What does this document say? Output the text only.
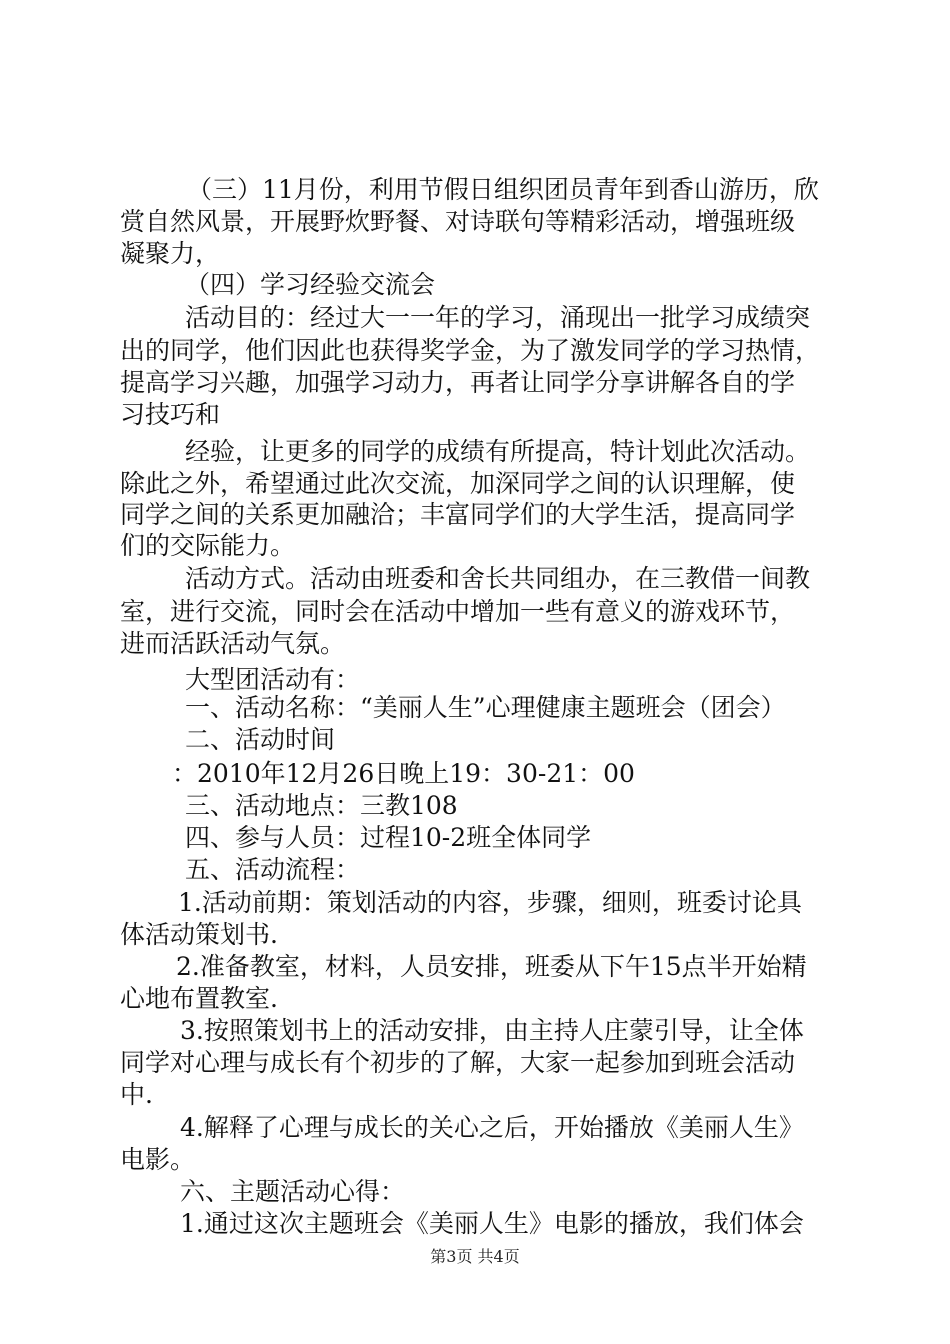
（三）11月份，利用节假日组织团员青年到香山游历，欣
赏自然风景，开展野炊野餐、对诗联句等精彩活动，增强班级
凝聚力，
（四）学习经验交流会
活动目的：经过大一一年的学习，涌现出一批学习成绩突
出的同学，他们因此也获得奖学金，为了激发同学的学习热情，
提高学习兴趣，加强学习动力，再者让同学分享讲解各自的学
习技巧和
经验，让更多的同学的成绩有所提高，特计划此次活动。
除此之外，希望通过此次交流，加深同学之间的认识理解，使
同学之间的关系更加融洽；丰富同学们的大学生活，提高同学
们的交际能力。
活动方式。活动由班委和舍长共同组办，在三教借一间教
室，进行交流，同时会在活动中增加一些有意义的游戏环节，
进而活跃活动气氛。
大型团活动有：
一、活动名称：“美丽人生”心理健康主题班会（团会）
二、活动时间
：2010年12月26日晚上19：30-21：00
三、活动地点：三教108
四、参与人员：过程10-2班全体同学
五、活动流程：
1.活动前期：策划活动的内容，步骤，细则，班委讨论具
体活动策划书.
2.准备教室，材料，人员安排，班委从下午15点半开始精
心地布置教室.
3.按照策划书上的活动安排，由主持人庄蒙引导，让全体
同学对心理与成长有个初步的了解，大家一起参加到班会活动
中.
4.解释了心理与成长的关心之后，开始播放《美丽人生》
电影。
六、主题活动心得：
1.通过这次主题班会《美丽人生》电影的播放，我们体会
第3页 共4页
